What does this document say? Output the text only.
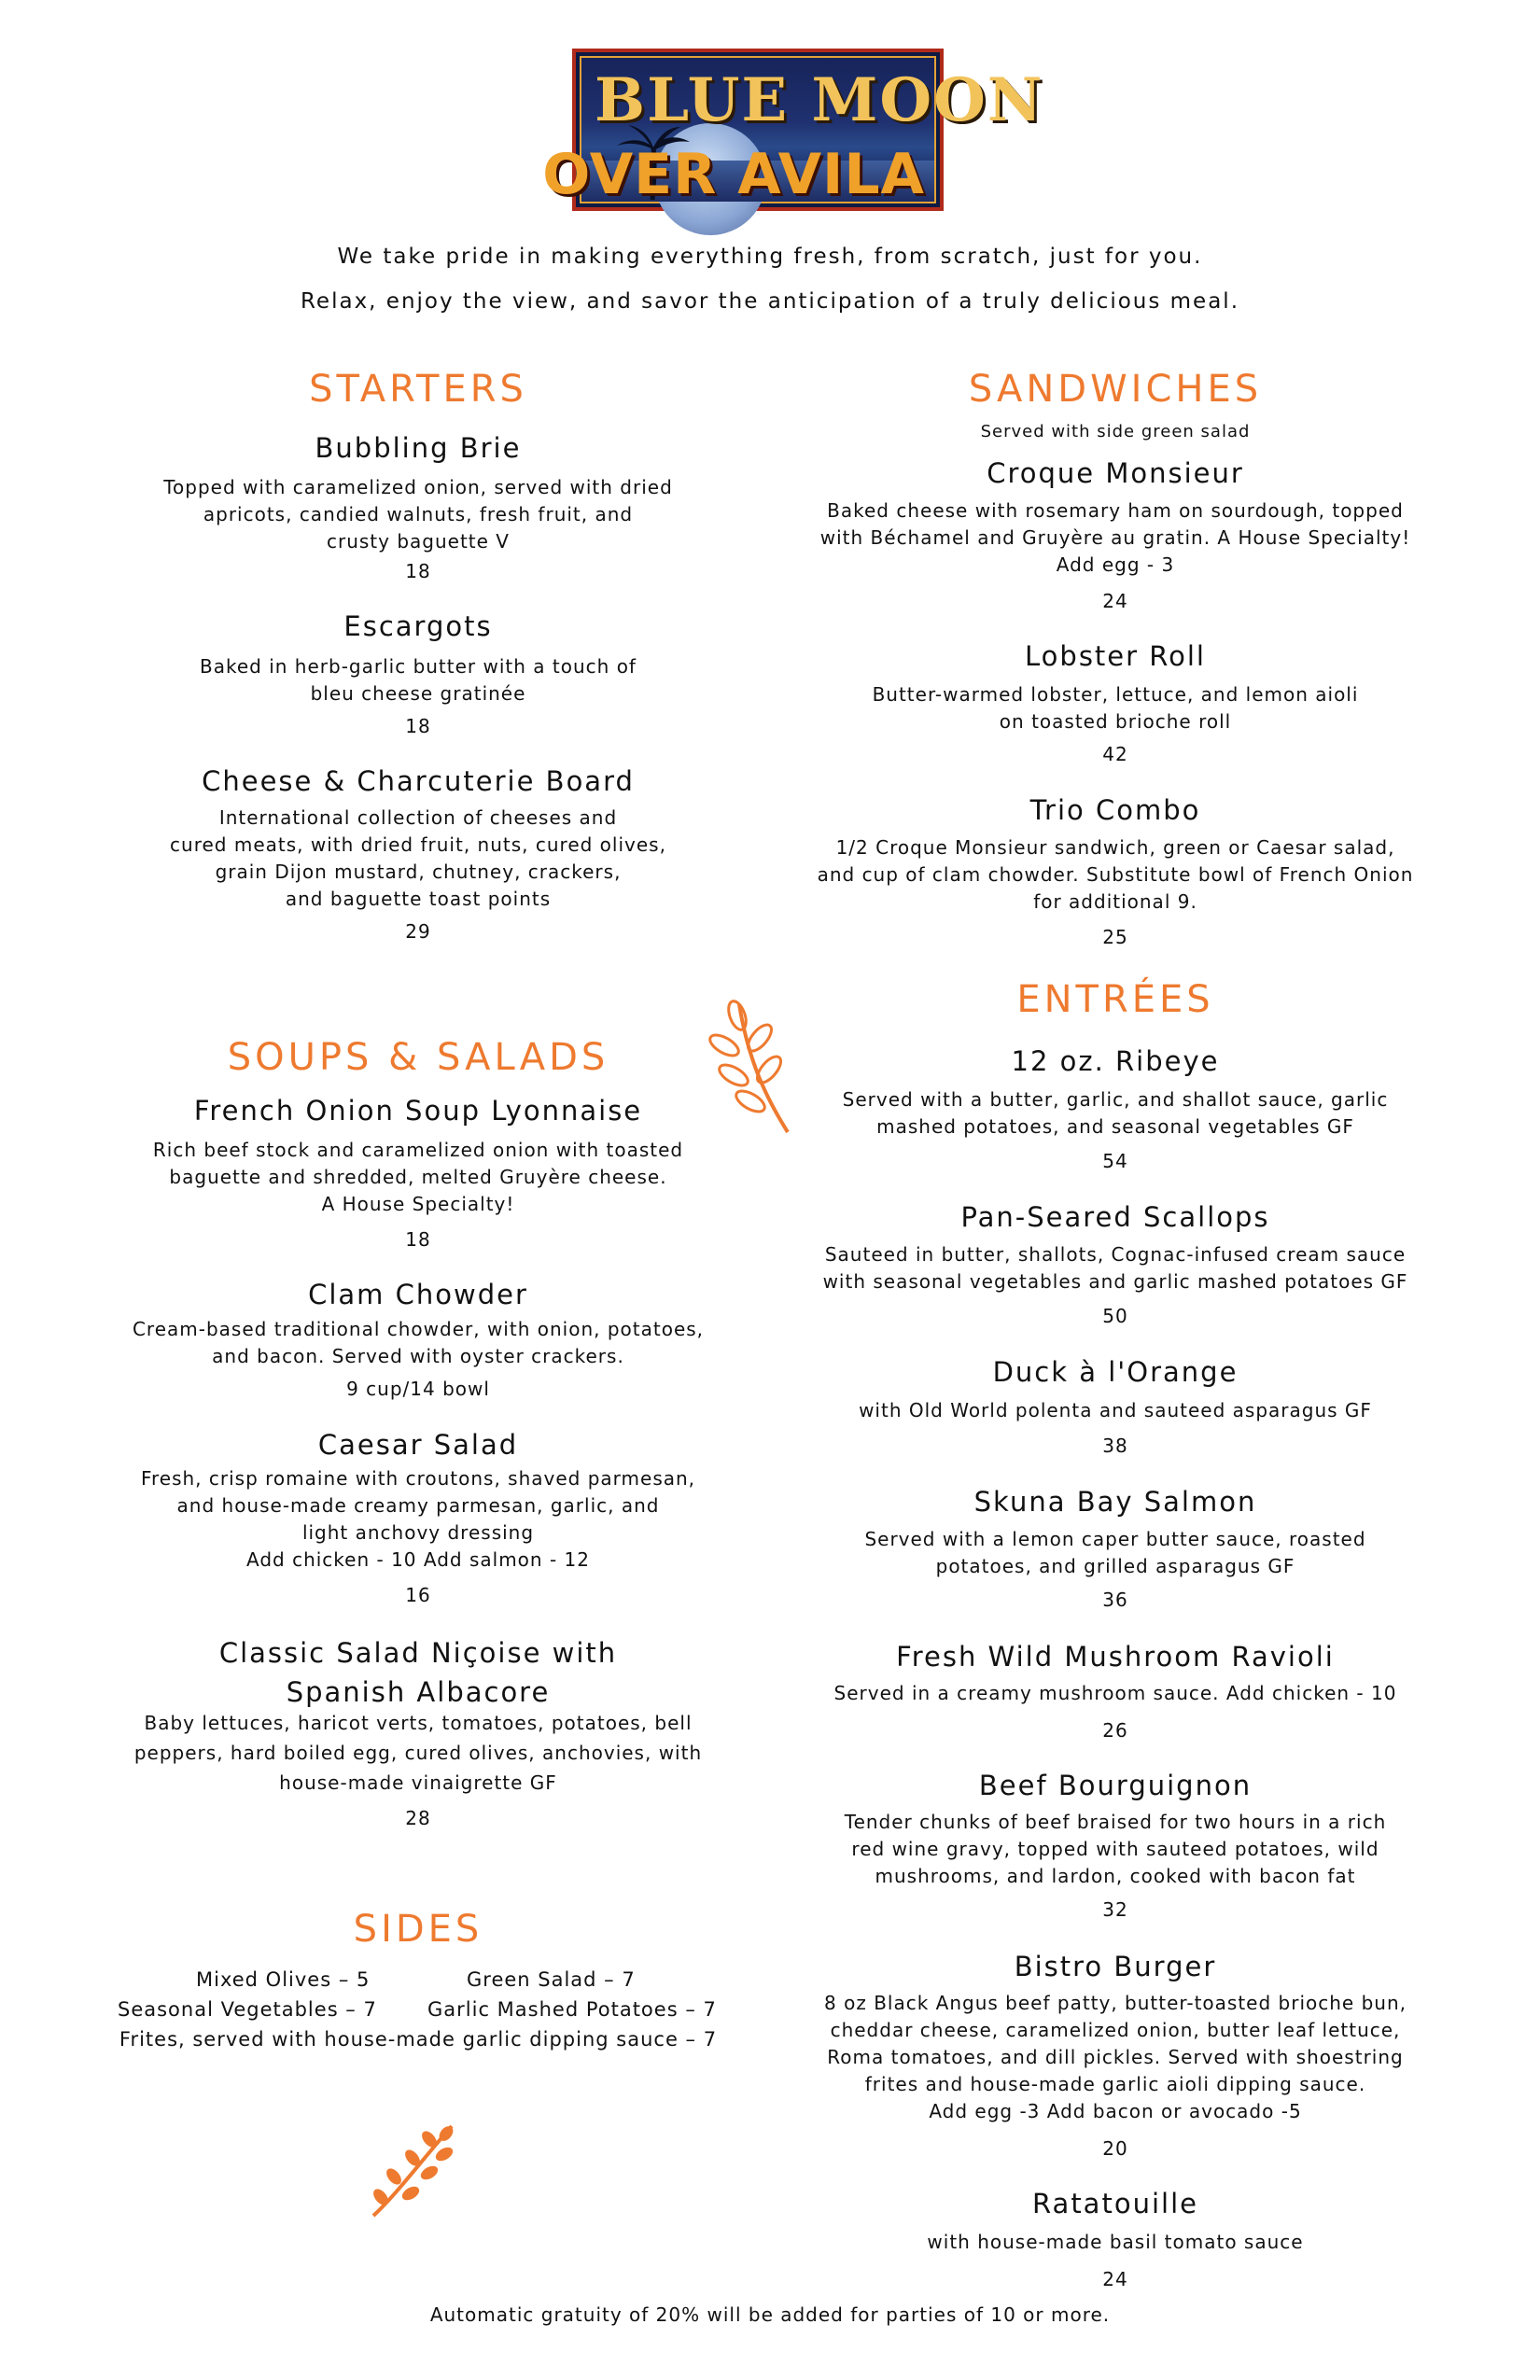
BLUE MOON
OVER AVILA
We take pride in making everything fresh, from scratch, just for you.
Relax, enjoy the view, and savor the anticipation of a truly delicious meal.
STARTERS
Bubbling Brie
Topped with caramelized onion, served with dried
apricots, candied walnuts, fresh fruit, and
crusty baguette V
18
Escargots
Baked in herb-garlic butter with a touch of
bleu cheese gratinée
18
Cheese & Charcuterie Board
International collection of cheeses and
cured meats, with dried fruit, nuts, cured olives,
grain Dijon mustard, chutney, crackers,
and baguette toast points
29
SOUPS & SALADS
French Onion Soup Lyonnaise
Rich beef stock and caramelized onion with toasted
baguette and shredded, melted Gruyère cheese.
A House Specialty!
18
Clam Chowder
Cream-based traditional chowder, with onion, potatoes,
and bacon. Served with oyster crackers.
9 cup/14 bowl
Caesar Salad
Fresh, crisp romaine with croutons, shaved parmesan,
and house-made creamy parmesan, garlic, and
light anchovy dressing
Add chicken - 10 Add salmon - 12
16
Classic Salad Niçoise with
Spanish Albacore
Baby lettuces, haricot verts, tomatoes, potatoes, bell
peppers, hard boiled egg, cured olives, anchovies, with
house-made vinaigrette GF
28
SIDES
Mixed Olives – 5	Green Salad – 7
Seasonal Vegetables – 7	Garlic Mashed Potatoes – 7
Frites, served with house-made garlic dipping sauce – 7
SANDWICHES
Served with side green salad
Croque Monsieur
Baked cheese with rosemary ham on sourdough, topped
with Béchamel and Gruyère au gratin. A House Specialty!
Add egg - 3
24
Lobster Roll
Butter-warmed lobster, lettuce, and lemon aioli
on toasted brioche roll
42
Trio Combo
1/2 Croque Monsieur sandwich, green or Caesar salad,
and cup of clam chowder. Substitute bowl of French Onion
for additional 9.
25
ENTRÉES
12 oz. Ribeye
Served with a butter, garlic, and shallot sauce, garlic
mashed potatoes, and seasonal vegetables GF
54
Pan-Seared Scallops
Sauteed in butter, shallots, Cognac-infused cream sauce
with seasonal vegetables and garlic mashed potatoes GF
50
Duck à l'Orange
with Old World polenta and sauteed asparagus GF
38
Skuna Bay Salmon
Served with a lemon caper butter sauce, roasted
potatoes, and grilled asparagus GF
36
Fresh Wild Mushroom Ravioli
Served in a creamy mushroom sauce. Add chicken - 10
26
Beef Bourguignon
Tender chunks of beef braised for two hours in a rich
red wine gravy, topped with sauteed potatoes, wild
mushrooms, and lardon, cooked with bacon fat
32
Bistro Burger
8 oz Black Angus beef patty, butter-toasted brioche bun,
cheddar cheese, caramelized onion, butter leaf lettuce,
Roma tomatoes, and dill pickles. Served with shoestring
frites and house-made garlic aioli dipping sauce.
Add egg -3 Add bacon or avocado -5
20
Ratatouille
with house-made basil tomato sauce
24
Automatic gratuity of 20% will be added for parties of 10 or more.
